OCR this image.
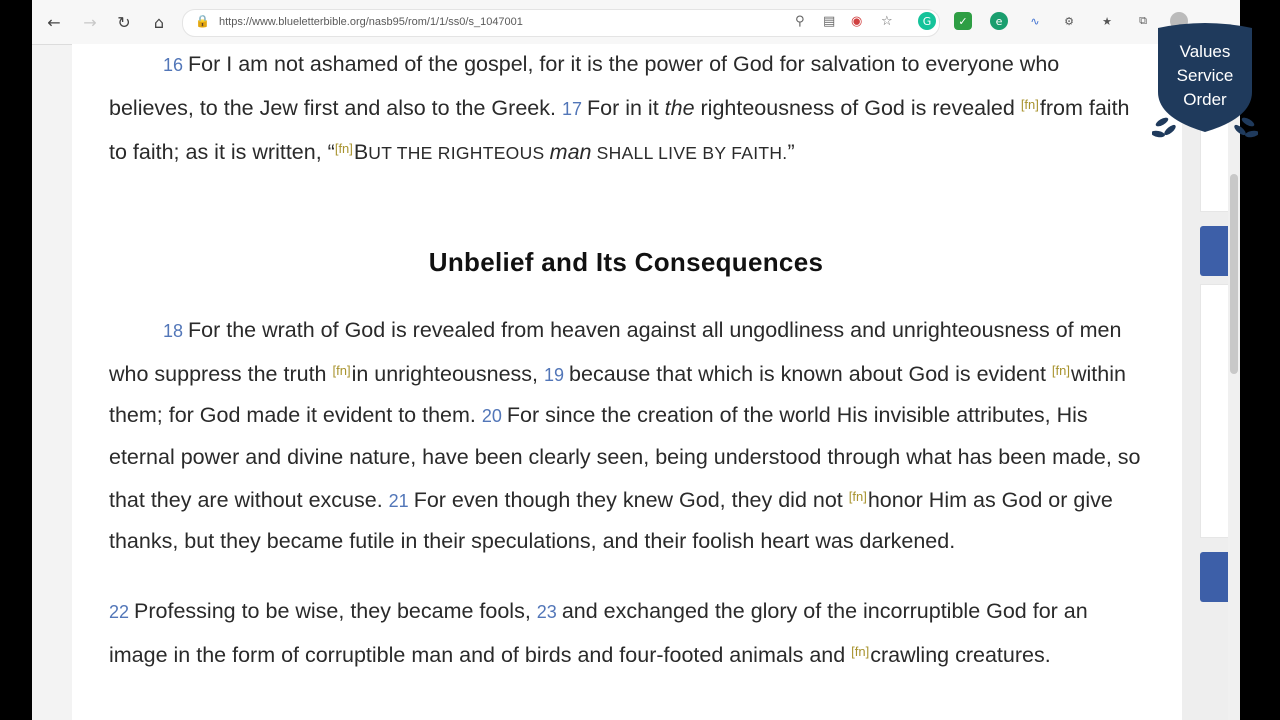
←	→	↻	⌂	🔒 https://www.blueletterbible.org/nasb95/rom/1/1/ss0/s_1047001	⚲ ▤ ◉ ☆	G	✓	e	∿	⚙	★	⧉
16 For I am not ashamed of the gospel, for it is the power of God for salvation to everyone who believes, to the Jew first and also to the Greek. 17 For in it the righteousness of God is revealed [fn]from faith to faith; as it is written, “[fn]BUT THE RIGHTEOUS man SHALL LIVE BY FAITH.”
Unbelief and Its Consequences
18 For the wrath of God is revealed from heaven against all ungodliness and unrighteousness of men who suppress the truth [fn]in unrighteousness, 19 because that which is known about God is evident [fn]within them; for God made it evident to them. 20 For since the creation of the world His invisible attributes, His eternal power and divine nature, have been clearly seen, being understood through what has been made, so that they are without excuse. 21 For even though they knew God, they did not [fn]honor Him as God or give thanks, but they became futile in their speculations, and their foolish heart was darkened.
22 Professing to be wise, they became fools, 23 and exchanged the glory of the incorruptible God for an image in the form of corruptible man and of birds and four-footed animals and [fn]crawling creatures.
Values
Service
Order
